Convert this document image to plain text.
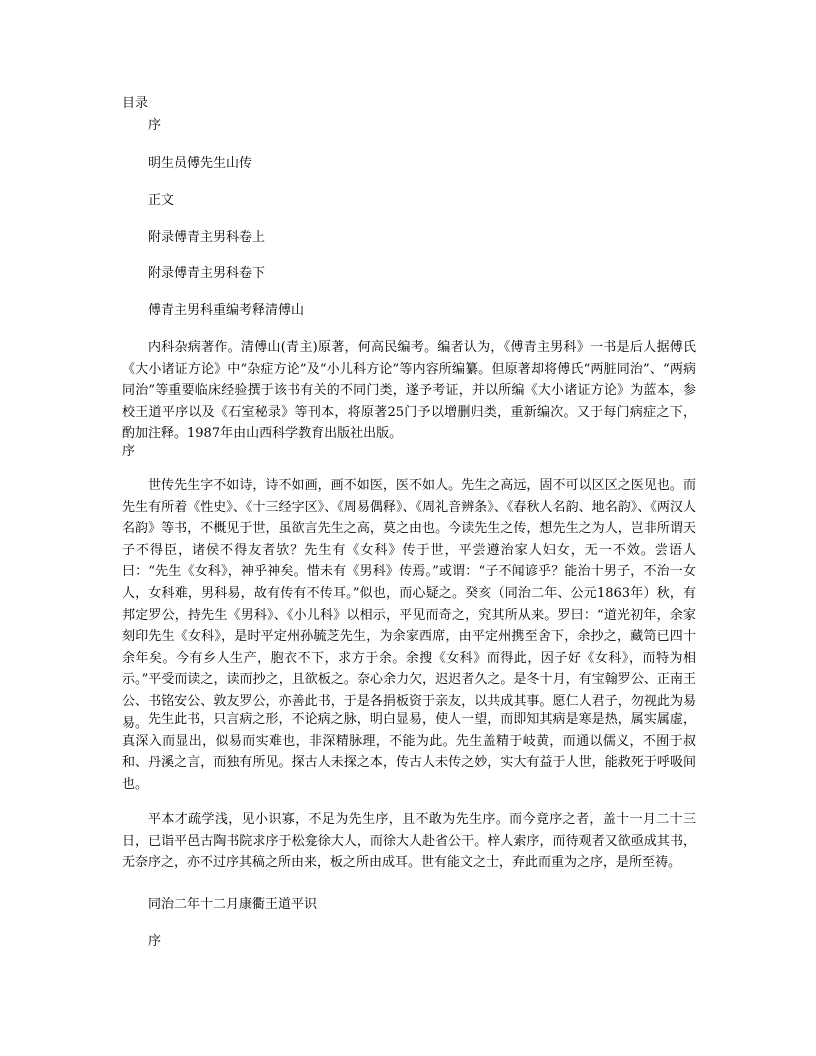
目录
序
明生员傅先生山传
正文
附录傅青主男科卷上
附录傅青主男科卷下
傅青主男科重编考释清傅山

内科杂病著作。清傅山(青主)原著，何高民编考。编者认为，《傅青主男科》一书是后人据傅氏《大小诸证方论》中“杂症方论”及“小儿科方论”等内容所编纂。但原著却将傅氏“两脏同治”、“两病同治”等重要临床经验撰于该书有关的不同门类，遂予考证，并以所编《大小诸证方论》为蓝本，参校王道平序以及《石室秘录》等刊本，将原著25门予以增删归类，重新编次。又于每门病症之下，酌加注释。1987年由山西科学教育出版社出版。

序

世传先生字不如诗，诗不如画，画不如医，医不如人。先生之高远，固不可以区区之医见也。而先生有所着《性史》、《十三经字区》、《周易偶释》、《周礼音辨条》、《春秋人名韵、地名韵》、《两汉人名韵》等书，不概见于世，虽欲言先生之高，莫之由也。今读先生之传，想先生之为人，岂非所谓天子不得臣，诸侯不得友者欤？先生有《女科》传于世，平尝遵治家人妇女，无一不效。尝语人曰：“先生《女科》，神乎神矣。惜未有《男科》传焉。”或谓：“子不闻谚乎？能治十男子，不治一女人，女科难，男科易，故有传有不传耳。”似也，而心疑之。癸亥（同治二年、公元1863年）秋，有邦定罗公，持先生《男科》、《小儿科》以相示，平见而奇之，究其所从来。罗曰：“道光初年，余家刻印先生《女科》，是时平定州孙毓芝先生，为余家西席，由平定州携至舍下，余抄之，藏笥已四十余年矣。今有乡人生产，胞衣不下，求方于余。余搜《女科》而得此，因子好《女科》，而特为相示。”平受而读之，读而抄之，且欲板之。奈心余力欠，迟迟者久之。是冬十月，有宝翰罗公、正南王公、书铭安公、敦友罗公，亦善此书，于是各捐板资于亲友，以共成其事。愿仁人君子，勿视此为易易。 先生此书，只言病之形，不论病之脉，明白显易，使人一望，而即知其病是寒是热，属实属虚，真深入而显出，似易而实难也，非深精脉理，不能为此。先生盖精于岐黄，而通以儒义，不囿于叔和、丹溪之言，而独有所见。探古人未探之本，传古人未传之妙，实大有益于人世，能救死于呼吸间也。

平本才疏学浅，见小识寡，不足为先生序，且不敢为先生序。而今竟序之者，盖十一月二十三日，已诣平邑古陶书院求序于松龛徐大人，而徐大人赴省公干。梓人索序，而待观者又欲亟成其书，无奈序之，亦不过序其稿之所由来，板之所由成耳。世有能文之士，弃此而重为之序，是所至祷。

同治二年十二月康衢王道平识
序
